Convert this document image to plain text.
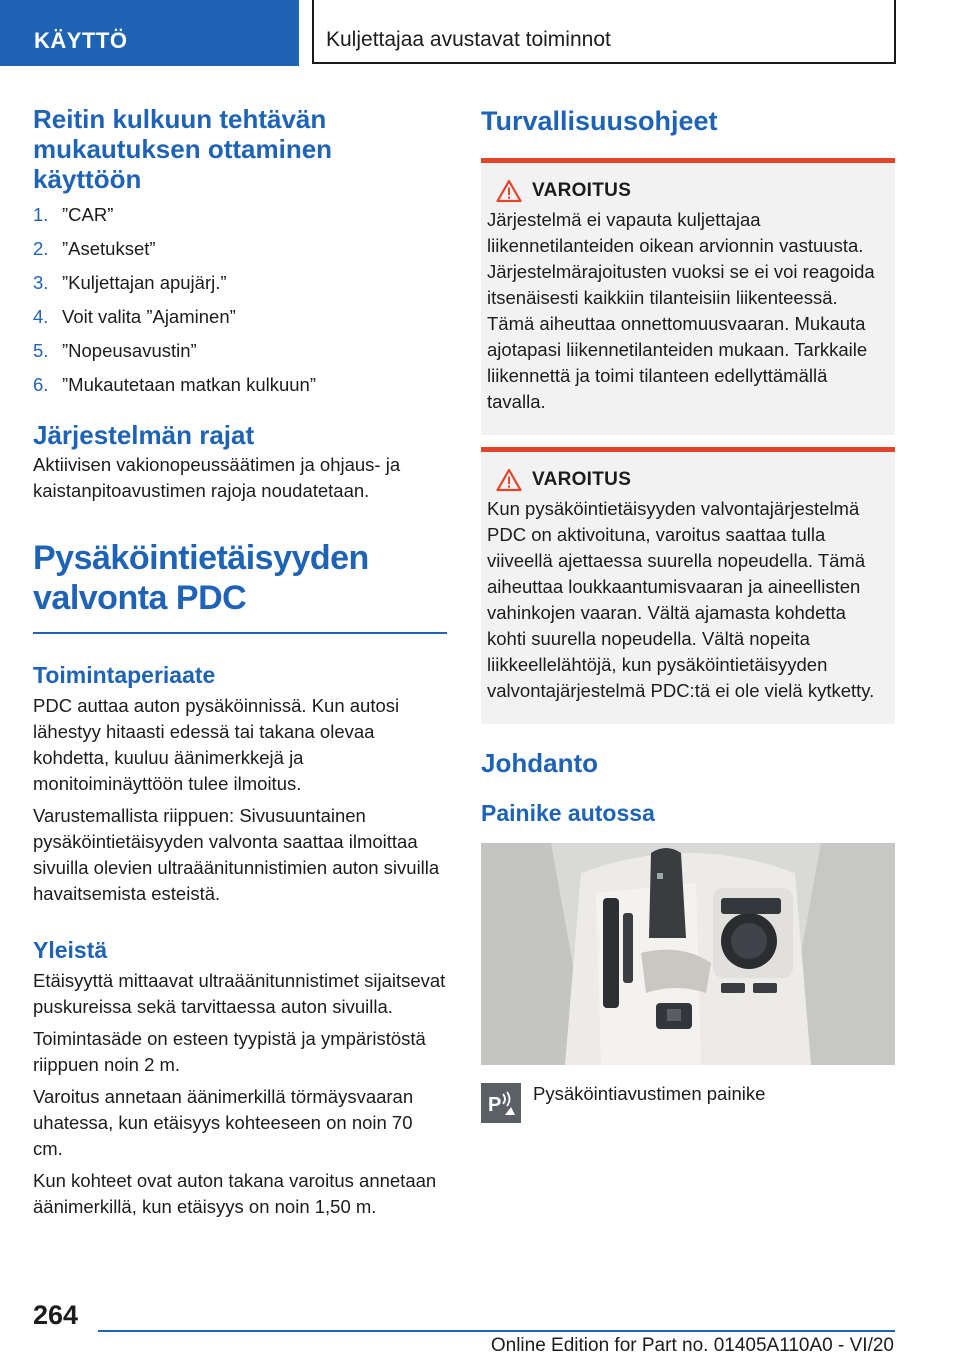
KÄYTTÖ	Kuljettajaa avustavat toiminnot
Reitin kulkuun tehtävän mukautuksen ottaminen käyttöön
1. ”CAR”
2. ”Asetukset”
3. ”Kuljettajan apujärj.”
4. Voit valita ”Ajaminen”
5. ”Nopeusavustin”
6. ”Mukautetaan matkan kulkuun”
Järjestelmän rajat

Aktiivisen vakionopeussäätimen ja ohjaus- ja kaistanpitoavustimen rajoja noudatetaan.

Pysäköintietäisyyden valvonta PDC
Toimintaperiaate

PDC auttaa auton pysäköinnissä. Kun autosi lähestyy hitaasti edessä tai takana olevaa kohdetta, kuuluu äänimerkkejä ja monitoiminäyttöön tulee ilmoitus.

Varustemallista riippuen: Sivusuuntainen pysäköintietäisyyden valvonta saattaa ilmoittaa sivuilla olevien ultraäänitunnistimien auton sivuilla havaitsemista esteistä.

Yleistä

Etäisyyttä mittaavat ultraäänitunnistimet sijaitsevat puskureissa sekä tarvittaessa auton sivuilla.

Toimintasäde on esteen tyypistä ja ympäristöstä riippuen noin 2 m.

Varoitus annetaan äänimerkillä törmäysvaaran uhatessa, kun etäisyys kohteeseen on noin 70 cm.

Kun kohteet ovat auton takana varoitus annetaan äänimerkillä, kun etäisyys on noin 1,50 m.

Turvallisuusohjeet
VAROITUS

Järjestelmä ei vapauta kuljettajaa liikennetilanteiden oikean arvionnin vastuusta. Järjestelmärajoitusten vuoksi se ei voi reagoida itsenäisesti kaikkiin tilanteisiin liikenteessä. Tämä aiheuttaa onnettomuusvaaran. Mukauta ajotapasi liikennetilanteiden mukaan. Tarkkaile liikennettä ja toimi tilanteen edellyttämällä tavalla.

VAROITUS

Kun pysäköintietäisyyden valvontajärjestelmä PDC on aktivoituna, varoitus saattaa tulla viiveellä ajettaessa suurella nopeudella. Tämä aiheuttaa loukkaantumisvaaran ja aineellisten vahinkojen vaaran. Vältä ajamasta kohdetta kohti suurella nopeudella. Vältä nopeita liikkeellelähtöjä, kun pysäköintietäisyyden valvontajärjestelmä PDC:tä ei ole vielä kytketty.

Johdanto
Painike autossa
P

Pysäköintiavustimen painike

264
Online Edition for Part no. 01405A110A0 - VI/20
